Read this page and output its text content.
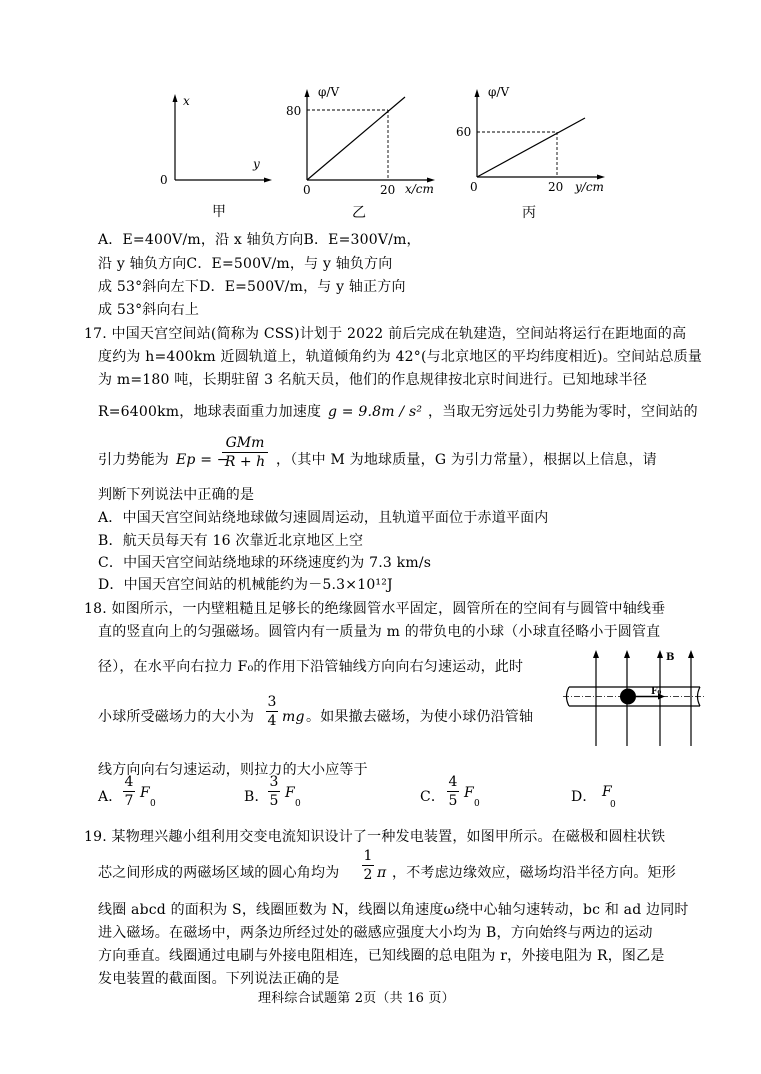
x
y
0
甲
φ/V
80
0	20 x/cm
乙
φ/V
60
0	20 y/cm
丙
A．E=400V/m，沿 x 轴负方向B．E=300V/m，
沿 y 轴负方向C．E=500V/m，与 y 轴负方向
成 53°斜向左下D．E=500V/m，与 y 轴正方向
成 53°斜向右上
17. 中国天宫空间站(简称为 CSS)计划于 2022 前后完成在轨建造，空间站将运行在距地面的高
度约为 h=400km 近圆轨道上，轨道倾角约为 42°(与北京地区的平均纬度相近)。空间站总质量
为 m=180 吨，长期驻留 3 名航天员，他们的作息规律按北京时间进行。已知地球半径
R=6400km，地球表面重力加速度 g = 9.8m / s² ，当取无穷远处引力势能为零时，空间站的
引力势能为 Ep = −
GMm
R + h ，（其中 M 为地球质量，G 为引力常量），根据以上信息，请
判断下列说法中正确的是
A．中国天宫空间站绕地球做匀速圆周运动，且轨道平面位于赤道平面内
B．航天员每天有 16 次靠近北京地区上空
C．中国天宫空间站绕地球的环绕速度约为 7.3 km/s
D．中国天宫空间站的机械能约为－5.3×10¹²J
18. 如图所示，一内壁粗糙且足够长的绝缘圆管水平固定，圆管所在的空间有与圆管中轴线垂
直的竖直向上的匀强磁场。圆管内有一质量为 m 的带负电的小球（小球直径略小于圆管直
径），在水平向右拉力 F₀的作用下沿管轴线方向向右匀速运动，此时
小球所受磁场力的大小为
3
4 mg 。如果撤去磁场，为使小球仍沿管轴
线方向向右匀速运动，则拉力的大小应等于
B
F₀
A．
4
7 F
0	B．
3
5 F
0	C．
4
5 F
0	D． F
0
19. 某物理兴趣小组利用交变电流知识设计了一种发电装置，如图甲所示。在磁极和圆柱状铁
芯之间形成的两磁场区域的圆心角均为
1
2 π ，不考虑边缘效应，磁场均沿半径方向。矩形
线圈 abcd 的面积为 S，线圈匝数为 N，线圈以角速度ω绕中心轴匀速转动，bc 和 ad 边同时
进入磁场。在磁场中，两条边所经过处的磁感应强度大小均为 B，方向始终与两边的运动
方向垂直。线圈通过电刷与外接电阻相连，已知线圈的总电阻为 r，外接电阻为 R，图乙是
发电装置的截面图。下列说法正确的是
理科综合试题第 2页（共 16 页）
